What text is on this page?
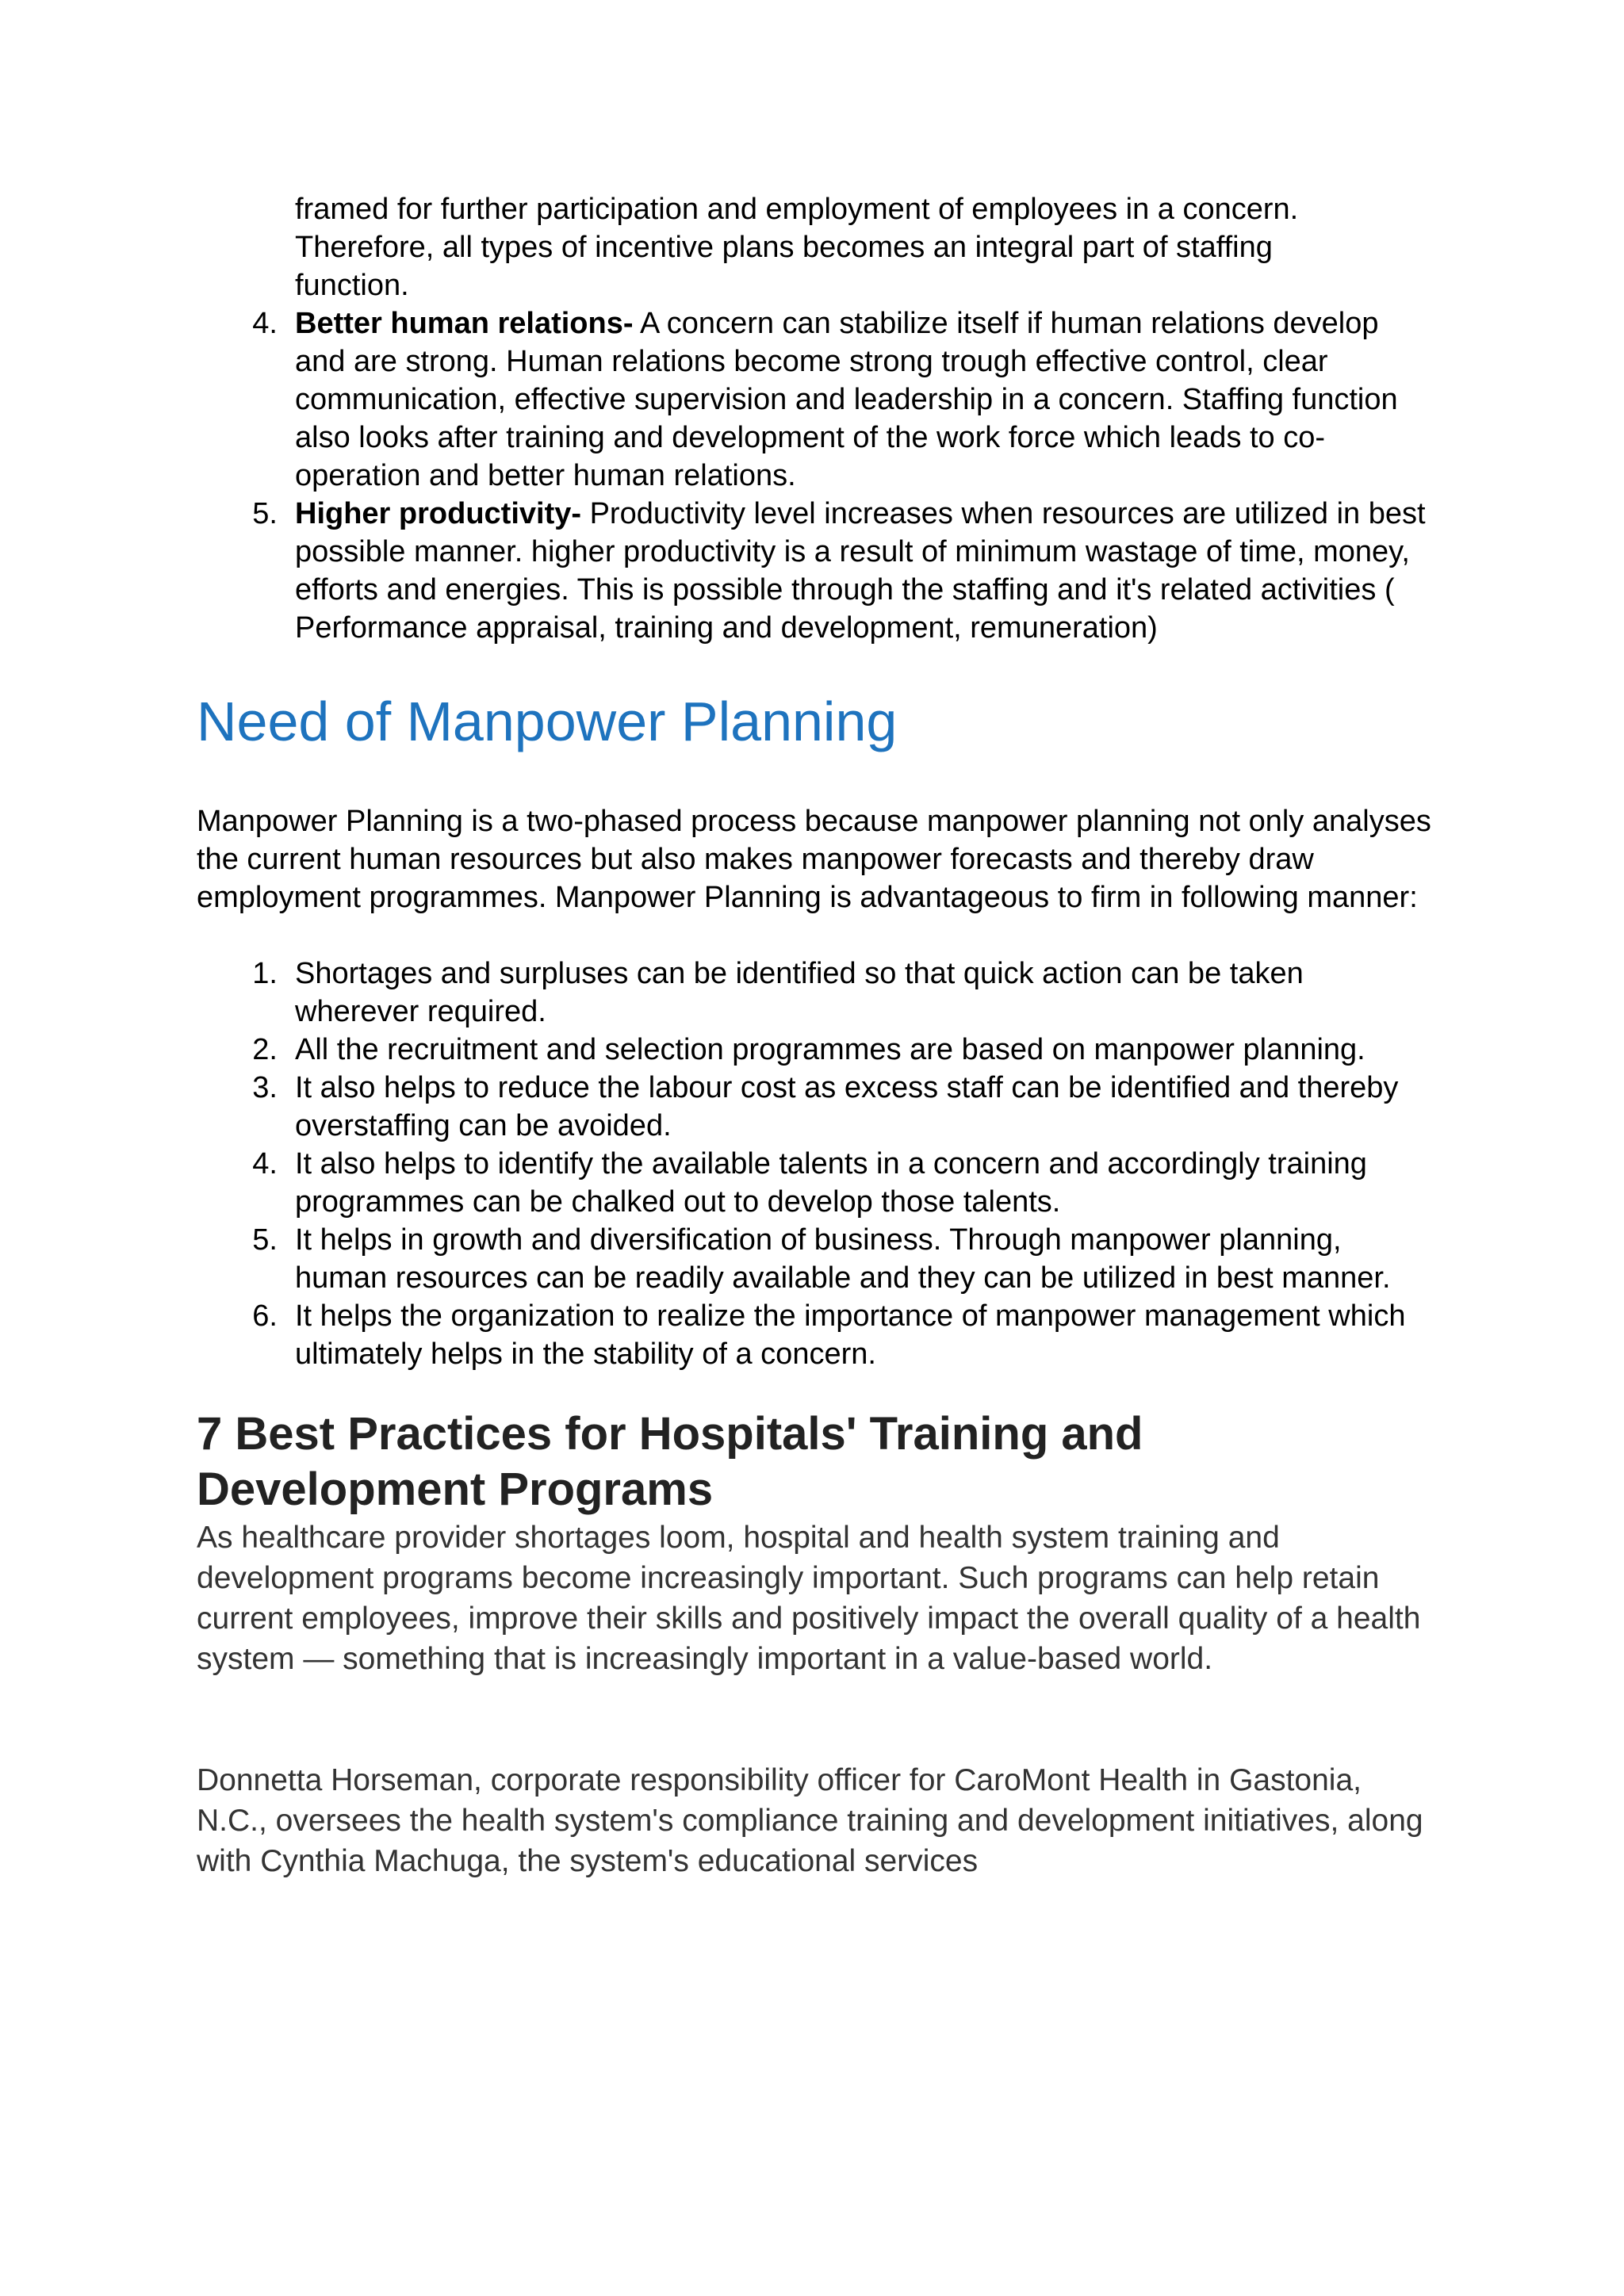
framed for further participation and employment of employees in a concern.

Therefore, all types of incentive plans becomes an integral part of staffing

function.

4. Better human relations- A concern can stabilize itself if human relations develop and are strong. Human relations become strong trough effective control, clear communication, effective supervision and leadership in a concern. Staffing function also looks after training and development of the work force which leads to co-operation and better human relations.
5. Higher productivity- Productivity level increases when resources are utilized in best possible manner. higher productivity is a result of minimum wastage of time, money, efforts and energies. This is possible through the staffing and it's related activities ( Performance appraisal, training and development, remuneration)
Need of Manpower Planning

Manpower Planning is a two-phased process because manpower planning not only analyses the current human resources but also makes manpower forecasts and thereby draw employment programmes. Manpower Planning is advantageous to firm in following manner:

1. Shortages and surpluses can be identified so that quick action can be taken wherever required.
2. All the recruitment and selection programmes are based on manpower planning.
3. It also helps to reduce the labour cost as excess staff can be identified and thereby overstaffing can be avoided.
4. It also helps to identify the available talents in a concern and accordingly training programmes can be chalked out to develop those talents.
5. It helps in growth and diversification of business. Through manpower planning, human resources can be readily available and they can be utilized in best manner.
6. It helps the organization to realize the importance of manpower management which ultimately helps in the stability of a concern.
7 Best Practices for Hospitals' Training and
Development Programs

As healthcare provider shortages loom, hospital and health system training and development programs become increasingly important. Such programs can help retain current employees, improve their skills and positively impact the overall quality of a health system — something that is increasingly important in a value-based world.

Donnetta Horseman, corporate responsibility officer for CaroMont Health in Gastonia, N.C., oversees the health system's compliance training and development initiatives, along with Cynthia Machuga, the system's educational services
